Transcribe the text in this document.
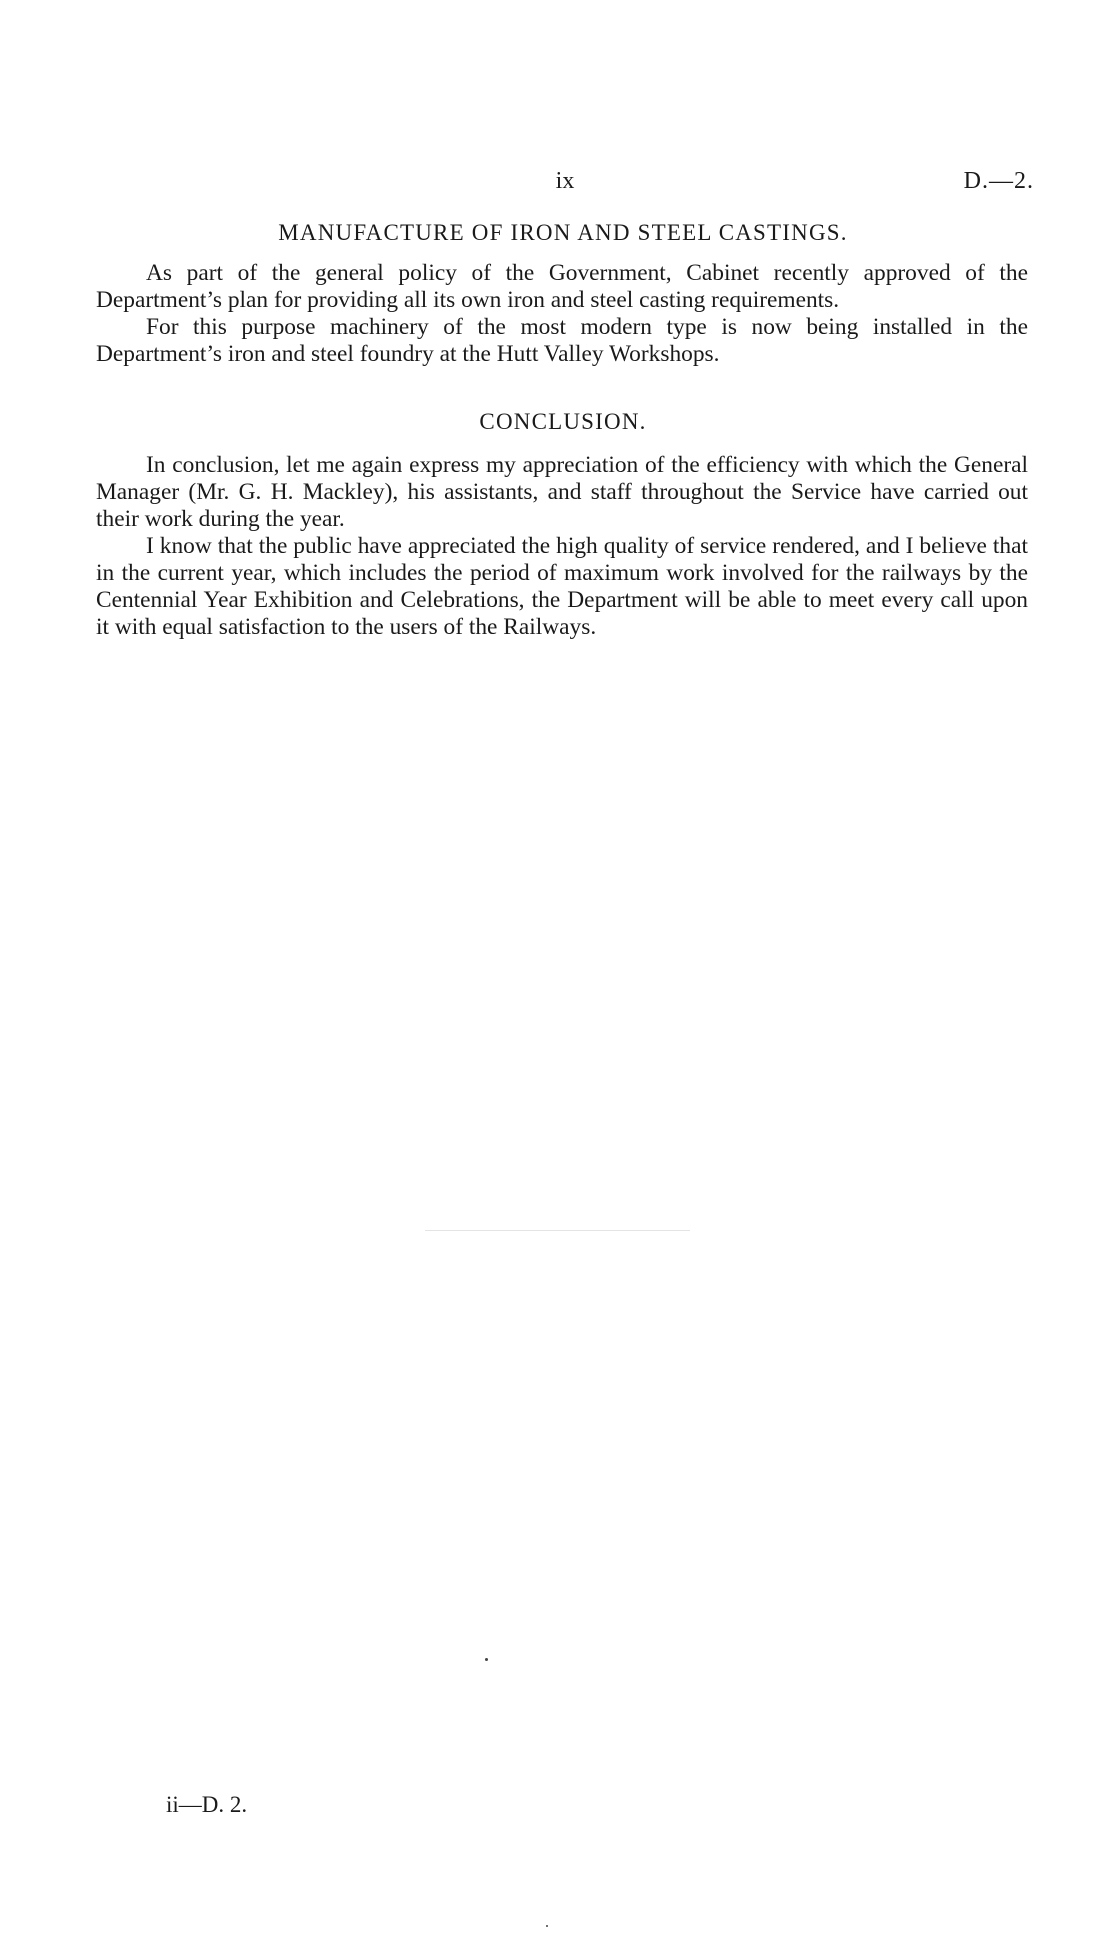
ix	D.—2.
MANUFACTURE OF IRON AND STEEL CASTINGS.

As part of the general policy of the Government, Cabinet recently approved of the Department’s plan for providing all its own iron and steel casting requirements.

For this purpose machinery of the most modern type is now being installed in the Department’s iron and steel foundry at the Hutt Valley Workshops.

CONCLUSION.

In conclusion, let me again express my appreciation of the efficiency with which the General Manager (Mr. G. H. Mackley), his assistants, and staff throughout the Service have carried out their work during the year.

I know that the public have appreciated the high quality of service rendered, and I believe that in the current year, which includes the period of maximum work involved for the railways by the Centennial Year Exhibition and Celebrations, the Department will be able to meet every call upon it with equal satisfaction to the users of the Railways.

ii—D. 2.
